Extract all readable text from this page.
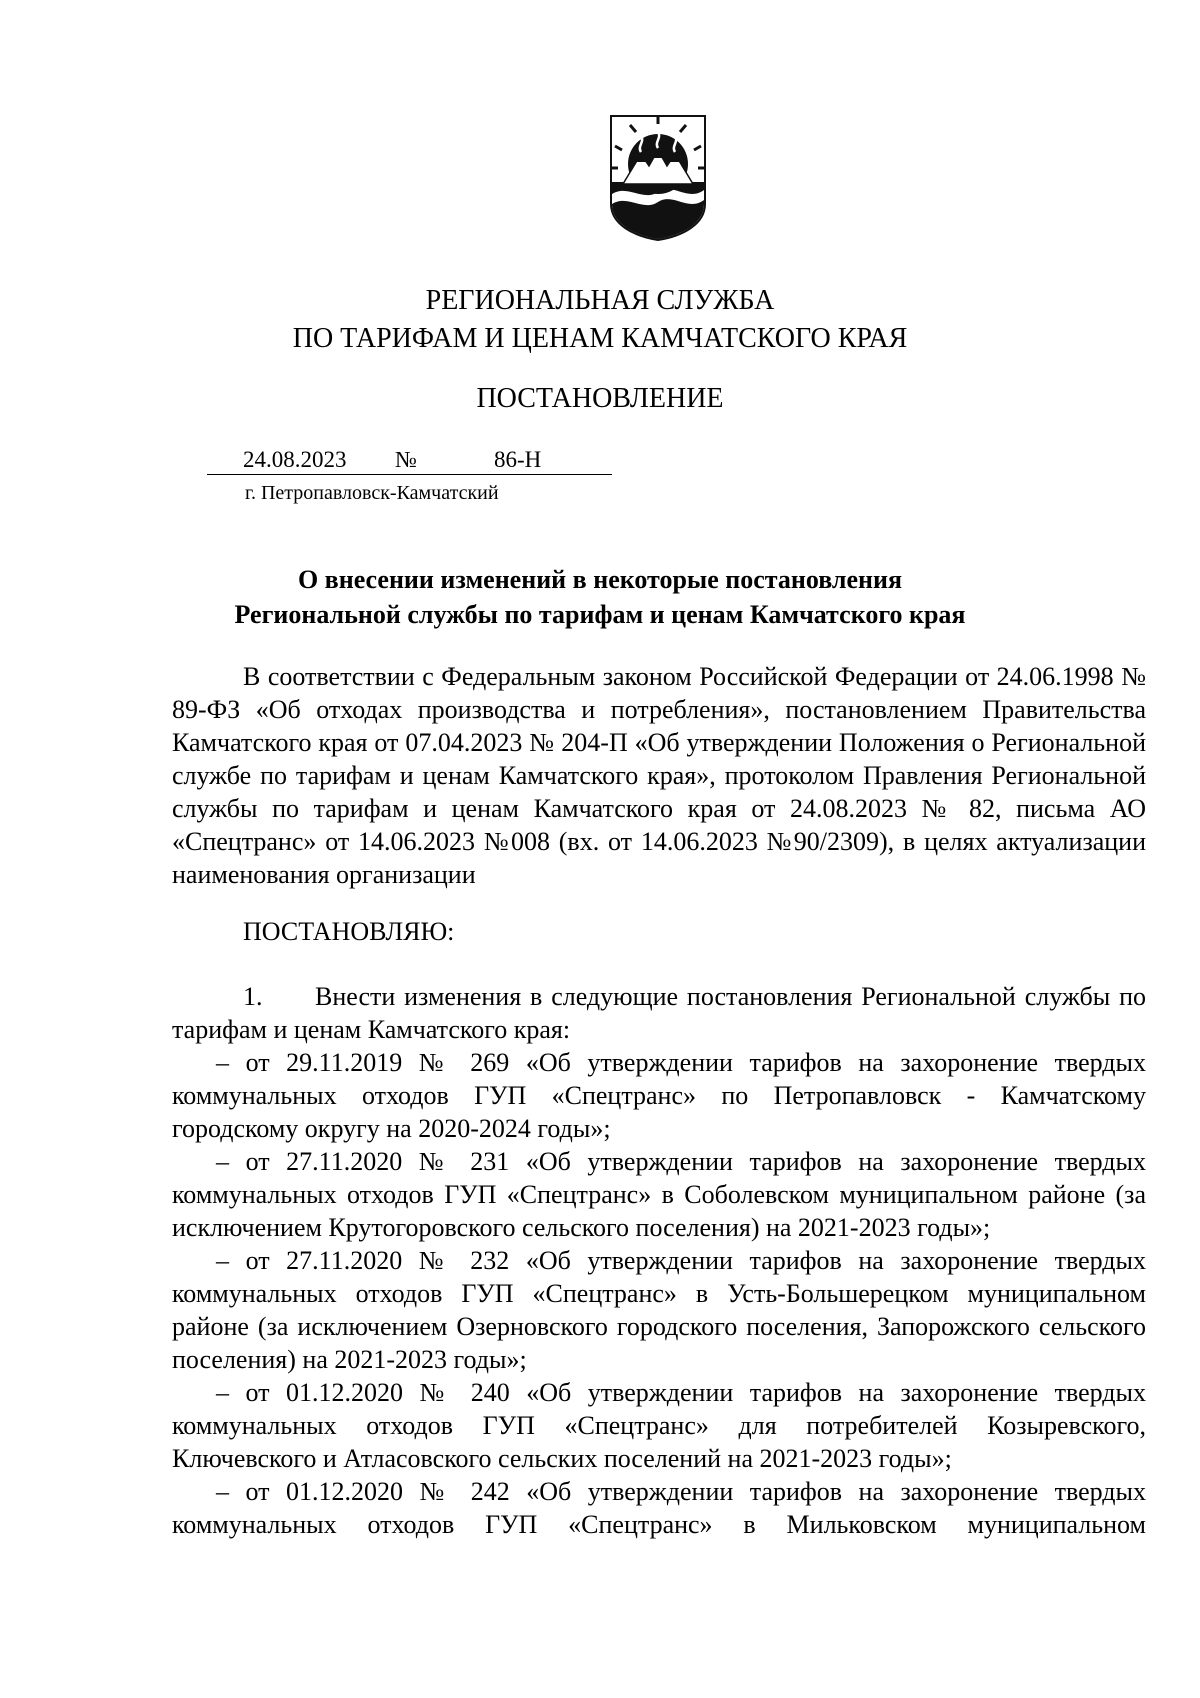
РЕГИОНАЛЬНАЯ СЛУЖБА
ПО ТАРИФАМ И ЦЕНАМ КАМЧАТСКОГО КРАЯ
ПОСТАНОВЛЕНИЕ
24.08.2023 №	86-Н
г. Петропавловск-Камчатский
О внесении изменений в некоторые постановления
Региональной службы по тарифам и ценам Камчатского края

В соответствии с Федеральным законом Российской Федерации от 24.06.1998 № 89-ФЗ «Об отходах производства и потребления», постановлением Правительства Камчатского края от 07.04.2023 № 204-П «Об утверждении Положения о Региональной службе по тарифам и ценам Камчатского края», протоколом Правления Региональной службы по тарифам и ценам Камчатского края от 24.08.2023 № 82, письма АО «Спецтранс» от 14.06.2023 №008 (вх. от 14.06.2023 №90/2309), в целях актуализации наименования организации

ПОСТАНОВЛЯЮ:

1. Внести изменения в следующие постановления Региональной службы по тарифам и ценам Камчатского края:

– от 29.11.2019 № 269 «Об утверждении тарифов на захоронение твердых коммунальных отходов ГУП «Спецтранс» по Петропавловск - Камчатскому городскому округу на 2020-2024 годы»;

– от 27.11.2020 № 231 «Об утверждении тарифов на захоронение твердых коммунальных отходов ГУП «Спецтранс» в Соболевском муниципальном районе (за исключением Крутогоровского сельского поселения) на 2021-2023 годы»;

– от 27.11.2020 № 232 «Об утверждении тарифов на захоронение твердых коммунальных отходов ГУП «Спецтранс» в Усть-Большерецком муниципальном районе (за исключением Озерновского городского поселения, Запорожского сельского поселения) на 2021-2023 годы»;

– от 01.12.2020 № 240 «Об утверждении тарифов на захоронение твердых коммунальных отходов ГУП «Спецтранс» для потребителей Козыревского, Ключевского и Атласовского сельских поселений на 2021-2023 годы»;

– от 01.12.2020 № 242 «Об утверждении тарифов на захоронение твердых коммунальных отходов ГУП «Спецтранс» в Мильковском муниципальном
